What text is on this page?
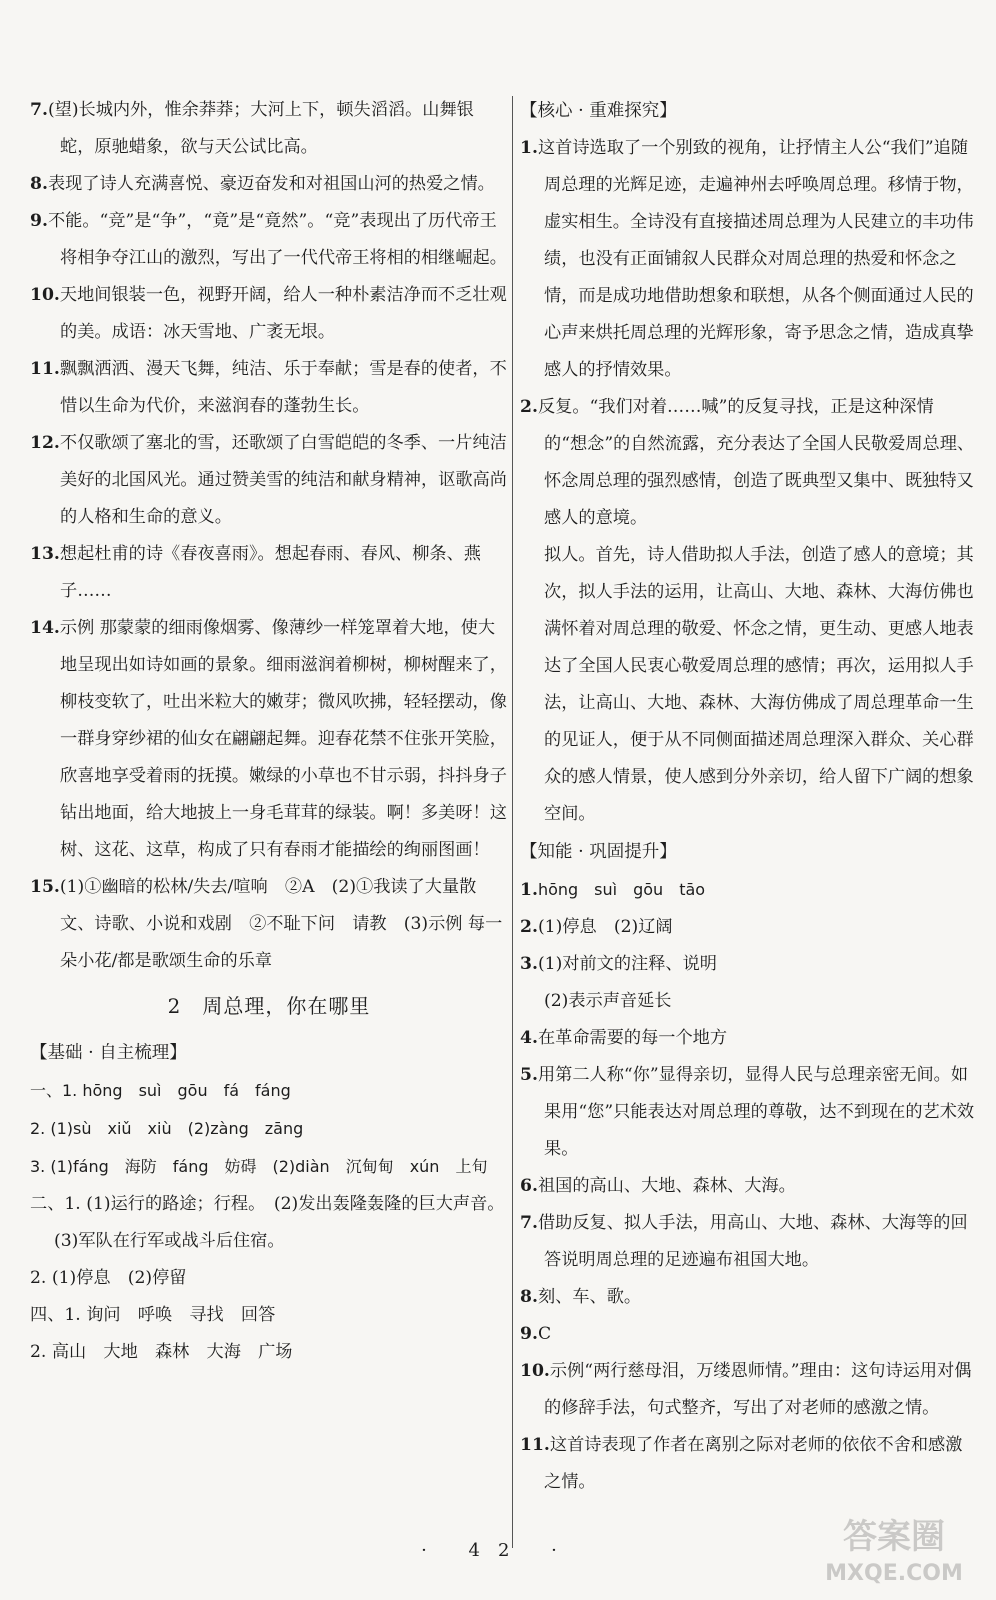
7.(望)长城内外，惟余莽莽；大河上下，顿失滔滔。山舞银蛇，原驰蜡象，欲与天公试比高。
8.表现了诗人充满喜悦、豪迈奋发和对祖国山河的热爱之情。
9.不能。“竞”是“争”，“竟”是“竟然”。“竞”表现出了历代帝王将相争夺江山的激烈，写出了一代代帝王将相的相继崛起。
10.天地间银装一色，视野开阔，给人一种朴素洁净而不乏壮观的美。成语：冰天雪地、广袤无垠。
11.飘飘洒洒、漫天飞舞，纯洁、乐于奉献；雪是春的使者，不惜以生命为代价，来滋润春的蓬勃生长。
12.不仅歌颂了塞北的雪，还歌颂了白雪皑皑的冬季、一片纯洁美好的北国风光。通过赞美雪的纯洁和献身精神，讴歌高尚的人格和生命的意义。
13.想起杜甫的诗《春夜喜雨》。想起春雨、春风、柳条、燕子……
14.示例 那蒙蒙的细雨像烟雾、像薄纱一样笼罩着大地，使大地呈现出如诗如画的景象。细雨滋润着柳树，柳树醒来了，柳枝变软了，吐出米粒大的嫩芽；微风吹拂，轻轻摆动，像一群身穿纱裙的仙女在翩翩起舞。迎春花禁不住张开笑脸，欣喜地享受着雨的抚摸。嫩绿的小草也不甘示弱，抖抖身子钻出地面，给大地披上一身毛茸茸的绿装。啊！多美呀！这树、这花、这草，构成了只有春雨才能描绘的绚丽图画！
15.(1)①幽暗的松林/失去/喧响　②A　(2)①我读了大量散文、诗歌、小说和戏剧　②不耻下问　请教　(3)示例 每一朵小花/都是歌颂生命的乐章
2　周总理，你在哪里
【基础 · 自主梳理】
一、1. hōng　suì　gōu　fá　fáng
2. (1)sù　xiǔ　xiù　(2)zàng　zāng
3. (1)fáng　海防　fáng　妨碍　(2)diàn　沉甸甸　xún　上旬
二、1. (1)运行的路途；行程。　(2)发出轰隆轰隆的巨大声音。　(3)军队在行军或战斗后住宿。
2. (1)停息　(2)停留
四、1. 询问　呼唤　寻找　回答
2. 高山　大地　森林　大海　广场
【核心 · 重难探究】
1.这首诗选取了一个别致的视角，让抒情主人公“我们”追随周总理的光辉足迹，走遍神州去呼唤周总理。移情于物，虚实相生。全诗没有直接描述周总理为人民建立的丰功伟绩，也没有正面铺叙人民群众对周总理的热爱和怀念之情，而是成功地借助想象和联想，从各个侧面通过人民的心声来烘托周总理的光辉形象，寄予思念之情，造成真挚感人的抒情效果。
2.反复。“我们对着……喊”的反复寻找，正是这种深情的“想念”的自然流露，充分表达了全国人民敬爱周总理、怀念周总理的强烈感情，创造了既典型又集中、既独特又感人的意境。
拟人。首先，诗人借助拟人手法，创造了感人的意境；其次，拟人手法的运用，让高山、大地、森林、大海仿佛也满怀着对周总理的敬爱、怀念之情，更生动、更感人地表达了全国人民衷心敬爱周总理的感情；再次，运用拟人手法，让高山、大地、森林、大海仿佛成了周总理革命一生的见证人，便于从不同侧面描述周总理深入群众、关心群众的感人情景，使人感到分外亲切，给人留下广阔的想象空间。
【知能 · 巩固提升】
1.hōng　suì　gōu　tāo
2.(1)停息　(2)辽阔
3.(1)对前文的注释、说明
(2)表示声音延长
4.在革命需要的每一个地方
5.用第二人称“你”显得亲切，显得人民与总理亲密无间。如果用“您”只能表达对周总理的尊敬，达不到现在的艺术效果。
6.祖国的高山、大地、森林、大海。
7.借助反复、拟人手法，用高山、大地、森林、大海等的回答说明周总理的足迹遍布祖国大地。
8.刻、车、歌。
9.C
10.示例“两行慈母泪，万缕恩师情。”理由：这句诗运用对偶的修辞手法，句式整齐，写出了对老师的感激之情。
11.这首诗表现了作者在离别之际对老师的依依不舍和感激之情。
· 42 ·	答案圈
MXQE.COM
